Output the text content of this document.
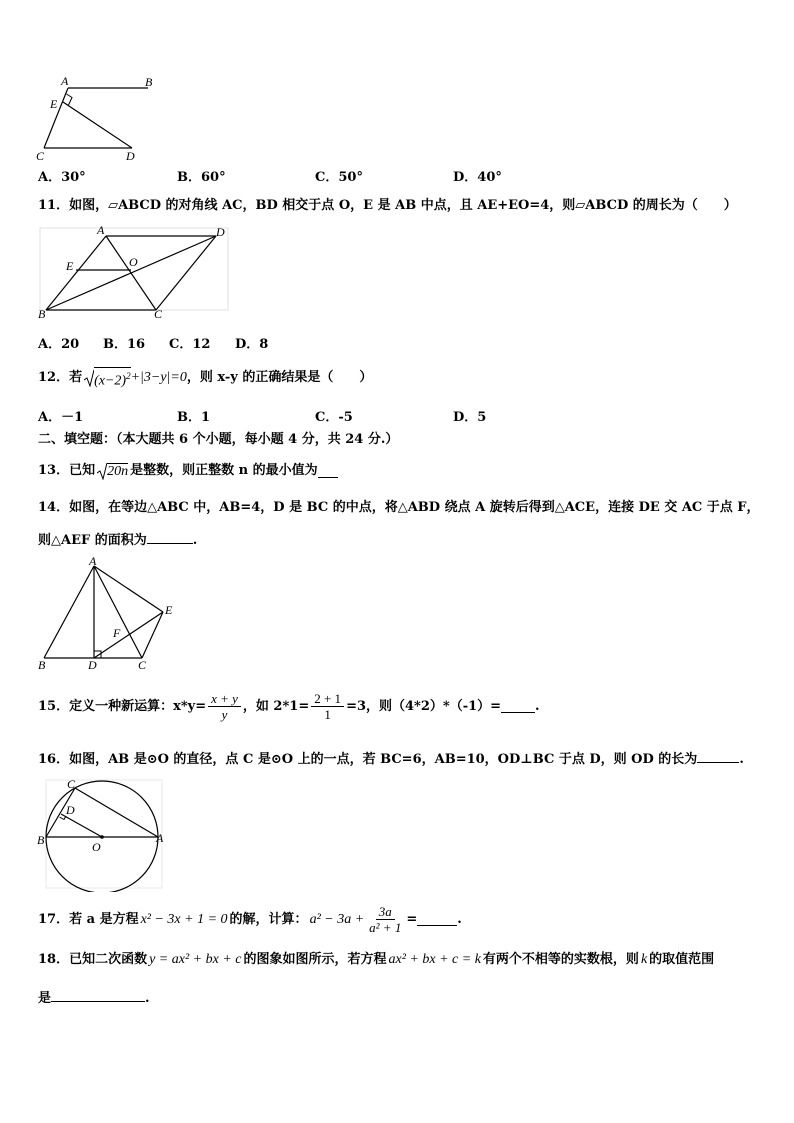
A	B
E
C	D
A．30°	B．60°	C．50°	D．40°
11．如图，▱ABCD 的对角线 AC，BD 相交于点 O，E 是 AB 中点，且 AE+EO=4，则▱ABCD 的周长为（　　）
A	D
E	O
B	C
A．20 B．16 C．12 D．8
12．若 $(x-2)^2 +|3-y|=0$ ，则 x-y 的正确结果是（　　）
A．－1	B．1	C．-5	D．5
二、填空题：（本大题共 6 个小题，每小题 4 分，共 24 分.）
13．已知 20n 是整数，则正整数 n 的最小值为
14．如图，在等边△ABC 中，AB=4，D 是 BC 的中点，将△ABD 绕点 A 旋转后得到△ACE，连接 DE 交 AC 于点 F，
则△AEF 的面积为	.
A
E
F
B	D	C
15．定义一种新运算：$x*y= \frac{x + y}{y}$ ，如 $2*1= \frac{2 + 1}{1} =3$，则（4*2）*（-1）=	.
16．如图，AB 是⊙O 的直径，点 C 是⊙O 上的一点，若 BC=6，AB=10，OD⊥BC 于点 D，则 OD 的长为	.
C
D
B	O
A
17．若 a 是方程 x² − 3x + 1 = 0 的解，计算： $a^2 - 3a + \frac{3a}{\text{a² + 1}}$ =	.
18．已知二次函数 y = ax² + bx + c 的图象如图所示，若方程 ax² + bx + c = k 有两个不相等的实数根，则 k 的取值范围
是	.
